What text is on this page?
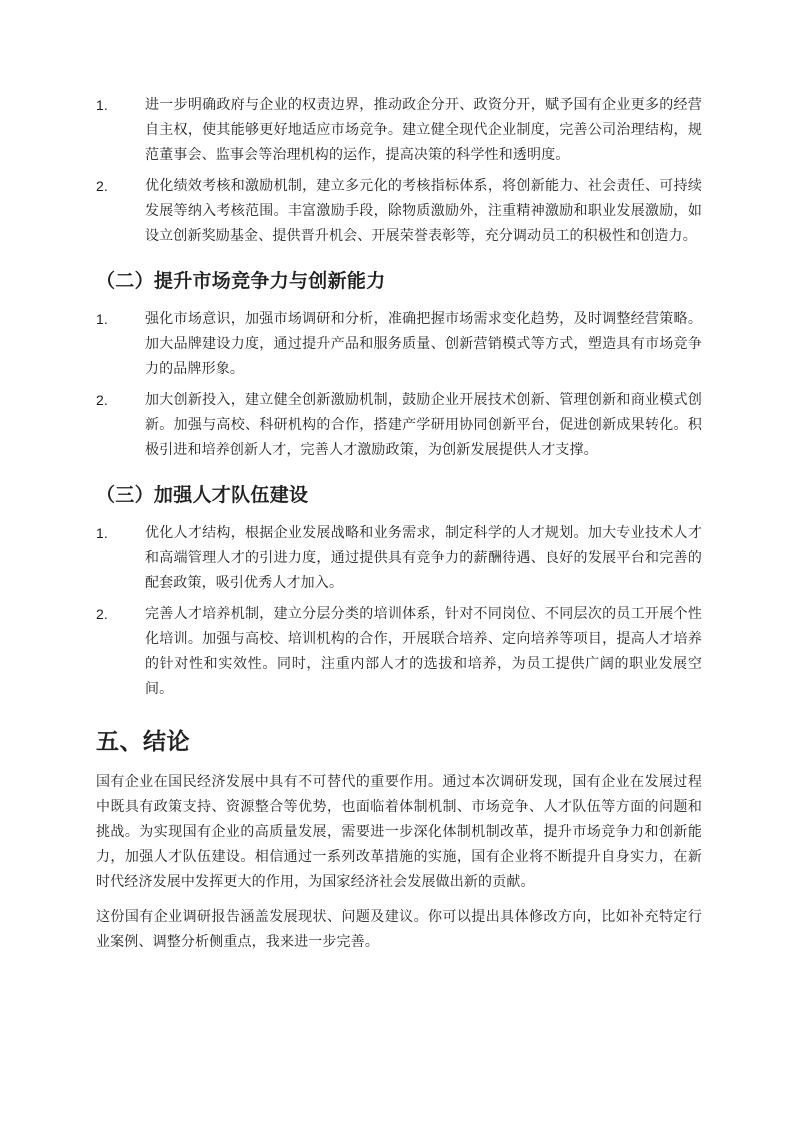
1.	进一步明确政府与企业的权责边界，推动政企分开、政资分开，赋予国有企业更多的经营自主权，使其能够更好地适应市场竞争。建立健全现代企业制度，完善公司治理结构，规范董事会、监事会等治理机构的运作，提高决策的科学性和透明度。
2.	优化绩效考核和激励机制，建立多元化的考核指标体系，将创新能力、社会责任、可持续发展等纳入考核范围。丰富激励手段，除物质激励外，注重精神激励和职业发展激励，如设立创新奖励基金、提供晋升机会、开展荣誉表彰等，充分调动员工的积极性和创造力。
（二）提升市场竞争力与创新能力
1.	强化市场意识，加强市场调研和分析，准确把握市场需求变化趋势，及时调整经营策略。加大品牌建设力度，通过提升产品和服务质量、创新营销模式等方式，塑造具有市场竞争力的品牌形象。
2.	加大创新投入，建立健全创新激励机制，鼓励企业开展技术创新、管理创新和商业模式创新。加强与高校、科研机构的合作，搭建产学研用协同创新平台，促进创新成果转化。积极引进和培养创新人才，完善人才激励政策，为创新发展提供人才支撑。
（三）加强人才队伍建设
1.	优化人才结构，根据企业发展战略和业务需求，制定科学的人才规划。加大专业技术人才和高端管理人才的引进力度，通过提供具有竞争力的薪酬待遇、良好的发展平台和完善的配套政策，吸引优秀人才加入。
2.	完善人才培养机制，建立分层分类的培训体系，针对不同岗位、不同层次的员工开展个性化培训。加强与高校、培训机构的合作，开展联合培养、定向培养等项目，提高人才培养的针对性和实效性。同时，注重内部人才的选拔和培养，为员工提供广阔的职业发展空间。
五、结论

国有企业在国民经济发展中具有不可替代的重要作用。通过本次调研发现，国有企业在发展过程中既具有政策支持、资源整合等优势，也面临着体制机制、市场竞争、人才队伍等方面的问题和挑战。为实现国有企业的高质量发展，需要进一步深化体制机制改革，提升市场竞争力和创新能力，加强人才队伍建设。相信通过一系列改革措施的实施，国有企业将不断提升自身实力，在新时代经济发展中发挥更大的作用，为国家经济社会发展做出新的贡献。

这份国有企业调研报告涵盖发展现状、问题及建议。你可以提出具体修改方向，比如补充特定行业案例、调整分析侧重点，我来进一步完善。
